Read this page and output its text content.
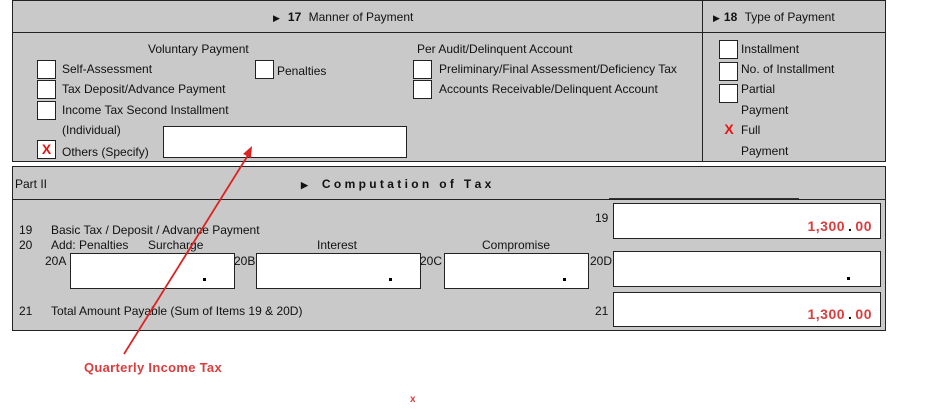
▶ 17 Manner of Payment	▶ 18 Type of Payment
Voluntary Payment
Self-Assessment	Penalties
Tax Deposit/Advance Payment
Income Tax Second Installment
(Individual)
X Others (Specify)
Per Audit/Delinquent Account
Preliminary/Final Assessment/Deficiency Tax
Accounts Receivable/Delinquent Account
Installment
No. of Installment
Partial
Payment
X Full
Payment
Part II	▶ C o m p u t a t i o n   o f   T a x
19 Basic Tax / Deposit / Advance Payment
19	1,300 . 00
20 Add: Penalties Surcharge	Interest	Compromise
20A	20B	20C	20D
21 Total Amount Payable (Sum of Items 19 & 20D)	21	1,300 . 00
Quarterly Income Tax
x
